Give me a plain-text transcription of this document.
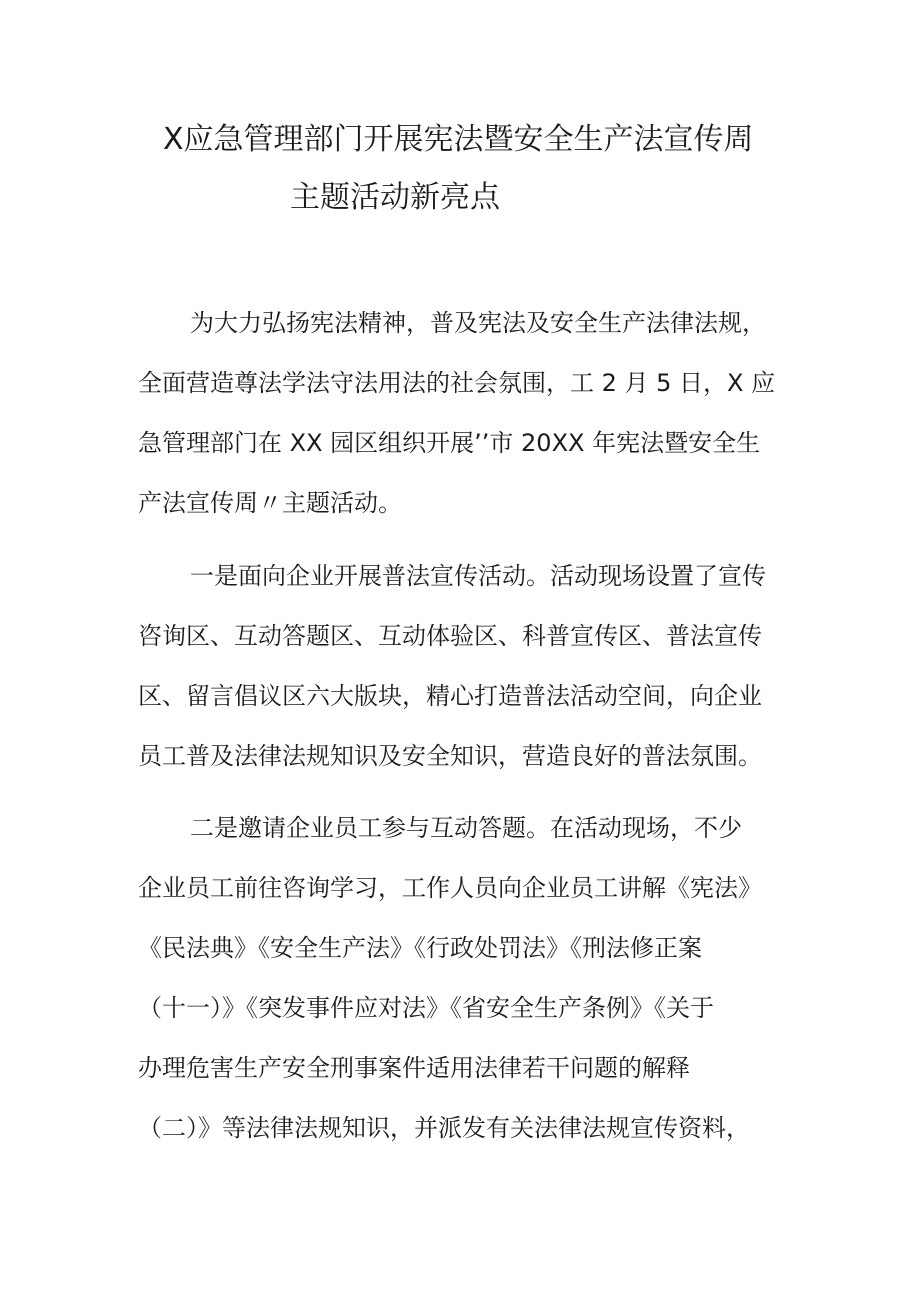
X应急管理部门开展宪法暨安全生产法宣传周
主题活动新亮点
为大力弘扬宪法精神，普及宪法及安全生产法律法规，
全面营造尊法学法守法用法的社会氛围，工 2 月 5 日，X 应
急管理部门在 XX 园区组织开展’’市 20XX 年宪法暨安全生
产法宣传周〃主题活动。
一是面向企业开展普法宣传活动。活动现场设置了宣传
咨询区、互动答题区、互动体验区、科普宣传区、普法宣传
区、留言倡议区六大版块，精心打造普法活动空间，向企业
员工普及法律法规知识及安全知识，营造良好的普法氛围。
二是邀请企业员工参与互动答题。在活动现场，不少
企业员工前往咨询学习，工作人员向企业员工讲解《宪法》
《民法典》《安全生产法》《行政处罚法》《刑法修正案
（十一）》《突发事件应对法》《省安全生产条例》《关于
办理危害生产安全刑事案件适用法律若干问题的解释
（二）》等法律法规知识，并派发有关法律法规宣传资料，
